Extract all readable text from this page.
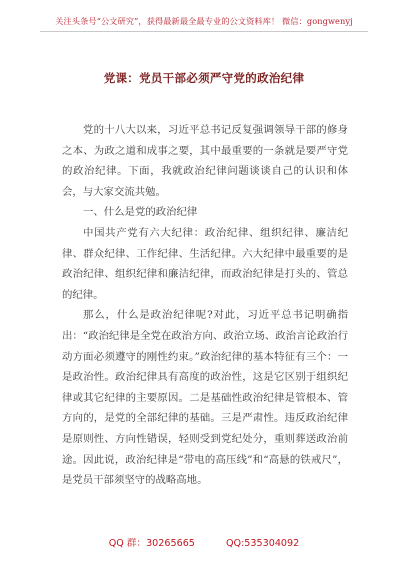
关注头条号“公文研究”，获得最新最全最专业的公文资料库！ 微信：gongwenyj
党课：党员干部必须严守党的政治纪律

党的十八大以来，习近平总书记反复强调领导干部的修身之本、为政之道和成事之要，其中最重要的一条就是要严守党的政治纪律。下面，我就政治纪律问题谈谈自己的认识和体会，与大家交流共勉。

一、什么是党的政治纪律

中国共产党有六大纪律：政治纪律、组织纪律、廉洁纪律、群众纪律、工作纪律、生活纪律。六大纪律中最重要的是政治纪律、组织纪律和廉洁纪律，而政治纪律是打头的、管总的纪律。

那么，什么是政治纪律呢?对此，习近平总书记明确指出：“政治纪律是全党在政治方向、政治立场、政治言论政治行动方面必须遵守的刚性约束。”政治纪律的基本特征有三个：一是政治性。政治纪律具有高度的政治性，这是它区别于组织纪律或其它纪律的主要原因。二是基础性政治纪律是管根本、管方向的，是党的全部纪律的基础。三是严肃性。违反政治纪律是原则性、方向性错误，轻则受到党纪处分，重则葬送政治前途。因此说，政治纪律是“带电的高压线”和“高悬的铁戒尺”，是党员干部须坚守的战略高地。

QQ 群：30265665	QQ:535304092
